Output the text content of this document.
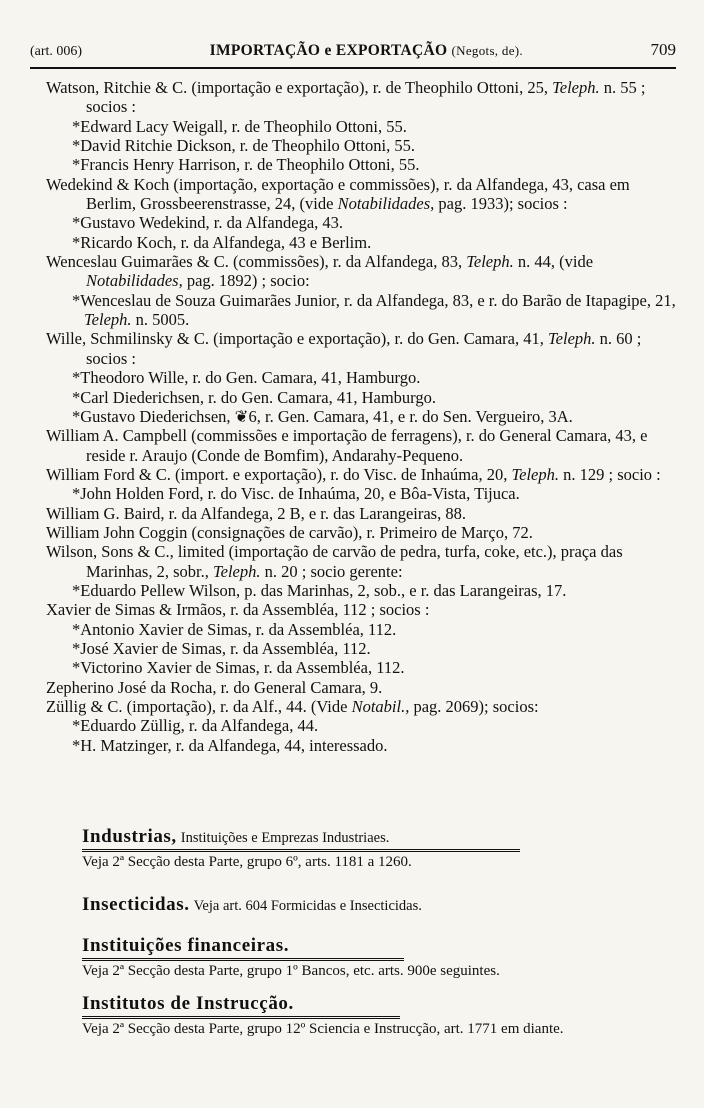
(art. 006)	IMPORTAÇÃO e EXPORTAÇÃO (Negots, de).	709
Watson, Ritchie & C. (importação e exportação), r. de Theophilo Ottoni, 25, Teleph. n. 55 ; socios :
*Edward Lacy Weigall, r. de Theophilo Ottoni, 55.
*David Ritchie Dickson, r. de Theophilo Ottoni, 55.
*Francis Henry Harrison, r. de Theophilo Ottoni, 55.
Wedekind & Koch (importação, exportação e commissões), r. da Alfandega, 43, casa em Berlim, Grossbeerenstrasse, 24, (vide Notabilidades, pag. 1933); socios :
*Gustavo Wedekind, r. da Alfandega, 43.
*Ricardo Koch, r. da Alfandega, 43 e Berlim.
Wenceslau Guimarães & C. (commissões), r. da Alfandega, 83, Teleph. n. 44, (vide Notabilidades, pag. 1892) ; socio:
*Wenceslau de Souza Guimarães Junior, r. da Alfandega, 83, e r. do Barão de Itapagipe, 21, Teleph. n. 5005.
Wille, Schmilinsky & C. (importação e exportação), r. do Gen. Camara, 41, Teleph. n. 60 ; socios :
*Theodoro Wille, r. do Gen. Camara, 41, Hamburgo.
*Carl Diederichsen, r. do Gen. Camara, 41, Hamburgo.
*Gustavo Diederichsen, ❦6, r. Gen. Camara, 41, e r. do Sen. Vergueiro, 3A.
William A. Campbell (commissões e importação de ferragens), r. do General Camara, 43, e reside r. Araujo (Conde de Bomfim), Andarahy-Pequeno.
William Ford & C. (import. e exportação), r. do Visc. de Inhaúma, 20, Teleph. n. 129 ; socio :
*John Holden Ford, r. do Visc. de Inhaúma, 20, e Bôa-Vista, Tijuca.
William G. Baird, r. da Alfandega, 2 B, e r. das Larangeiras, 88.
William John Coggin (consignações de carvão), r. Primeiro de Março, 72.
Wilson, Sons & C., limited (importação de carvão de pedra, turfa, coke, etc.), praça das Marinhas, 2, sobr., Teleph. n. 20 ; socio gerente:
*Eduardo Pellew Wilson, p. das Marinhas, 2, sob., e r. das Larangeiras, 17.
Xavier de Simas & Irmãos, r. da Assembléa, 112 ; socios :
*Antonio Xavier de Simas, r. da Assembléa, 112.
*José Xavier de Simas, r. da Assembléa, 112.
*Victorino Xavier de Simas, r. da Assembléa, 112.
Zepherino José da Rocha, r. do General Camara, 9.
Züllig & C. (importação), r. da Alf., 44. (Vide Notabil., pag. 2069); socios:
*Eduardo Züllig, r. da Alfandega, 44.
*H. Matzinger, r. da Alfandega, 44, interessado.
Industrias, Instituições e Emprezas Industriaes.
Veja 2ª Secção desta Parte, grupo 6º, arts. 1181 a 1260.
Insecticidas. Veja art. 604 Formicidas e Insecticidas.
Instituições financeiras.
Veja 2ª Secção desta Parte, grupo 1º Bancos, etc. arts. 900e seguintes.
Institutos de Instrucção.
Veja 2ª Secção desta Parte, grupo 12º Sciencia e Instrucção, art. 1771 em diante.
